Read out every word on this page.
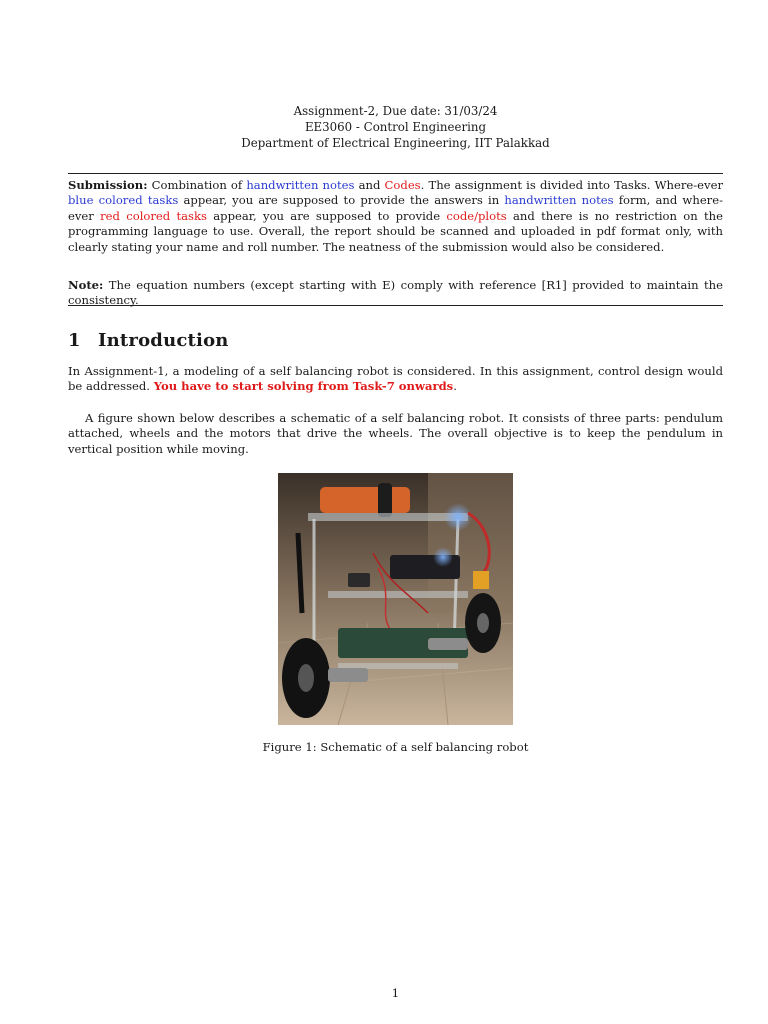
Assignment-2, Due date: 31/03/24
EE3060 - Control Engineering
Department of Electrical Engineering, IIT Palakkad
Submission: Combination of handwritten notes and Codes. The assignment is divided into Tasks. Where-ever blue colored tasks appear, you are supposed to provide the answers in handwritten notes form, and where-ever red colored tasks appear, you are supposed to provide code/plots and there is no restriction on the programming language to use. Overall, the report should be scanned and uploaded in pdf format only, with clearly stating your name and roll number. The neatness of the submission would also be considered.
Note: The equation numbers (except starting with E) comply with reference [R1] provided to maintain the consistency.
1 Introduction
In Assignment-1, a modeling of a self balancing robot is considered. In this assignment, control design would be addressed. You have to start solving from Task-7 onwards.
A figure shown below describes a schematic of a self balancing robot. It consists of three parts: pendulum attached, wheels and the motors that drive the wheels. The overall objective is to keep the pendulum in vertical position while moving.
Figure 1: Schematic of a self balancing robot
1
